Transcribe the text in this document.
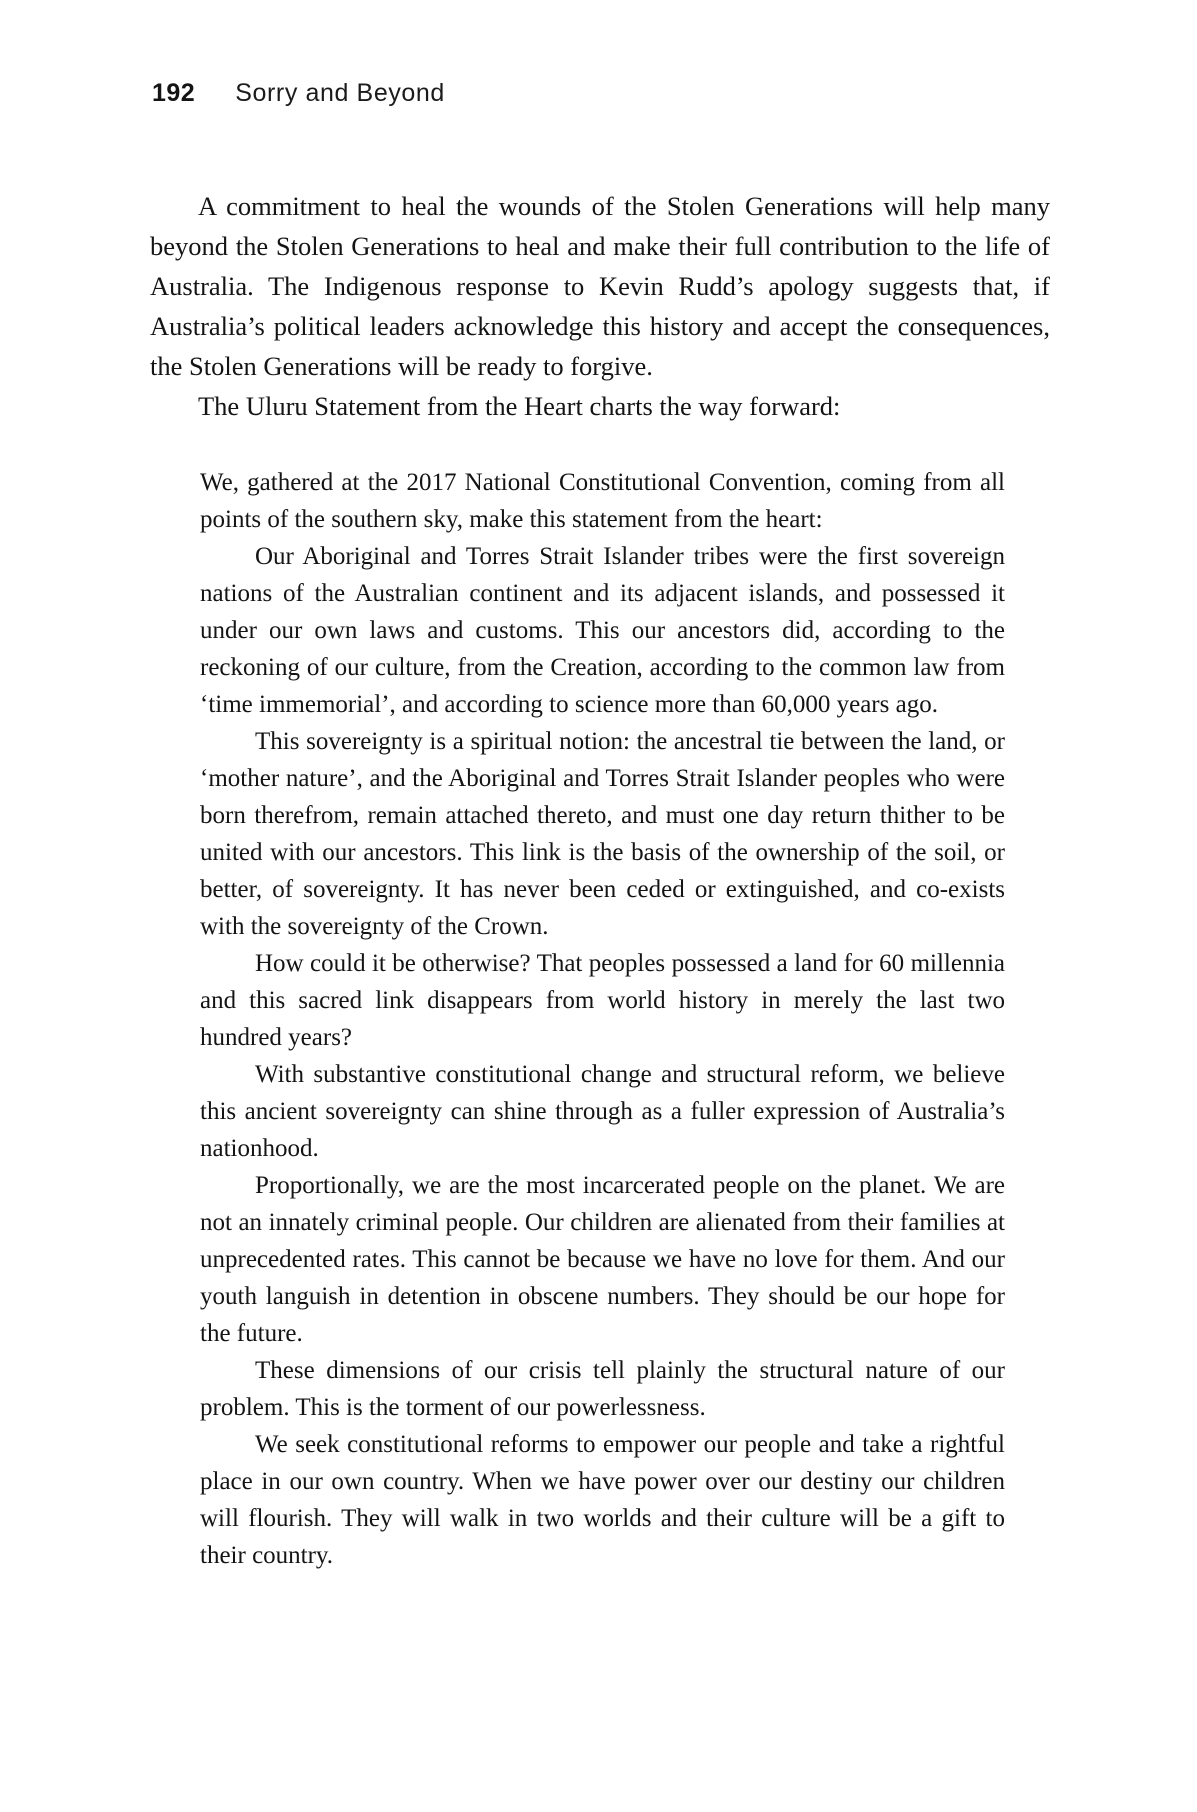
192 Sorry and Beyond

A commitment to heal the wounds of the Stolen Generations will help many beyond the Stolen Generations to heal and make their full contribution to the life of Australia. The Indigenous response to Kevin Rudd’s apology suggests that, if Australia’s political leaders acknowledge this history and accept the consequences, the Stolen Generations will be ready to forgive.

The Uluru Statement from the Heart charts the way forward:

We, gathered at the 2017 National Constitutional Convention, coming from all points of the southern sky, make this statement from the heart:

Our Aboriginal and Torres Strait Islander tribes were the first sovereign nations of the Australian continent and its adjacent islands, and possessed it under our own laws and customs. This our ancestors did, according to the reckoning of our culture, from the Creation, according to the common law from ‘time immemorial’, and according to science more than 60,000 years ago.

This sovereignty is a spiritual notion: the ancestral tie between the land, or ‘mother nature’, and the Aboriginal and Torres Strait Islander peoples who were born therefrom, remain attached thereto, and must one day return thither to be united with our ancestors. This link is the basis of the ownership of the soil, or better, of sovereignty. It has never been ceded or extinguished, and co-exists with the sovereignty of the Crown.

How could it be otherwise? That peoples possessed a land for 60 millennia and this sacred link disappears from world history in merely the last two hundred years?

With substantive constitutional change and structural reform, we believe this ancient sovereignty can shine through as a fuller expression of Australia’s nationhood.

Proportionally, we are the most incarcerated people on the planet. We are not an innately criminal people. Our children are alienated from their families at unprecedented rates. This cannot be because we have no love for them. And our youth languish in detention in obscene numbers. They should be our hope for the future.

These dimensions of our crisis tell plainly the structural nature of our problem. This is the torment of our powerlessness.

We seek constitutional reforms to empower our people and take a rightful place in our own country. When we have power over our destiny our children will flourish. They will walk in two worlds and their culture will be a gift to their country.
